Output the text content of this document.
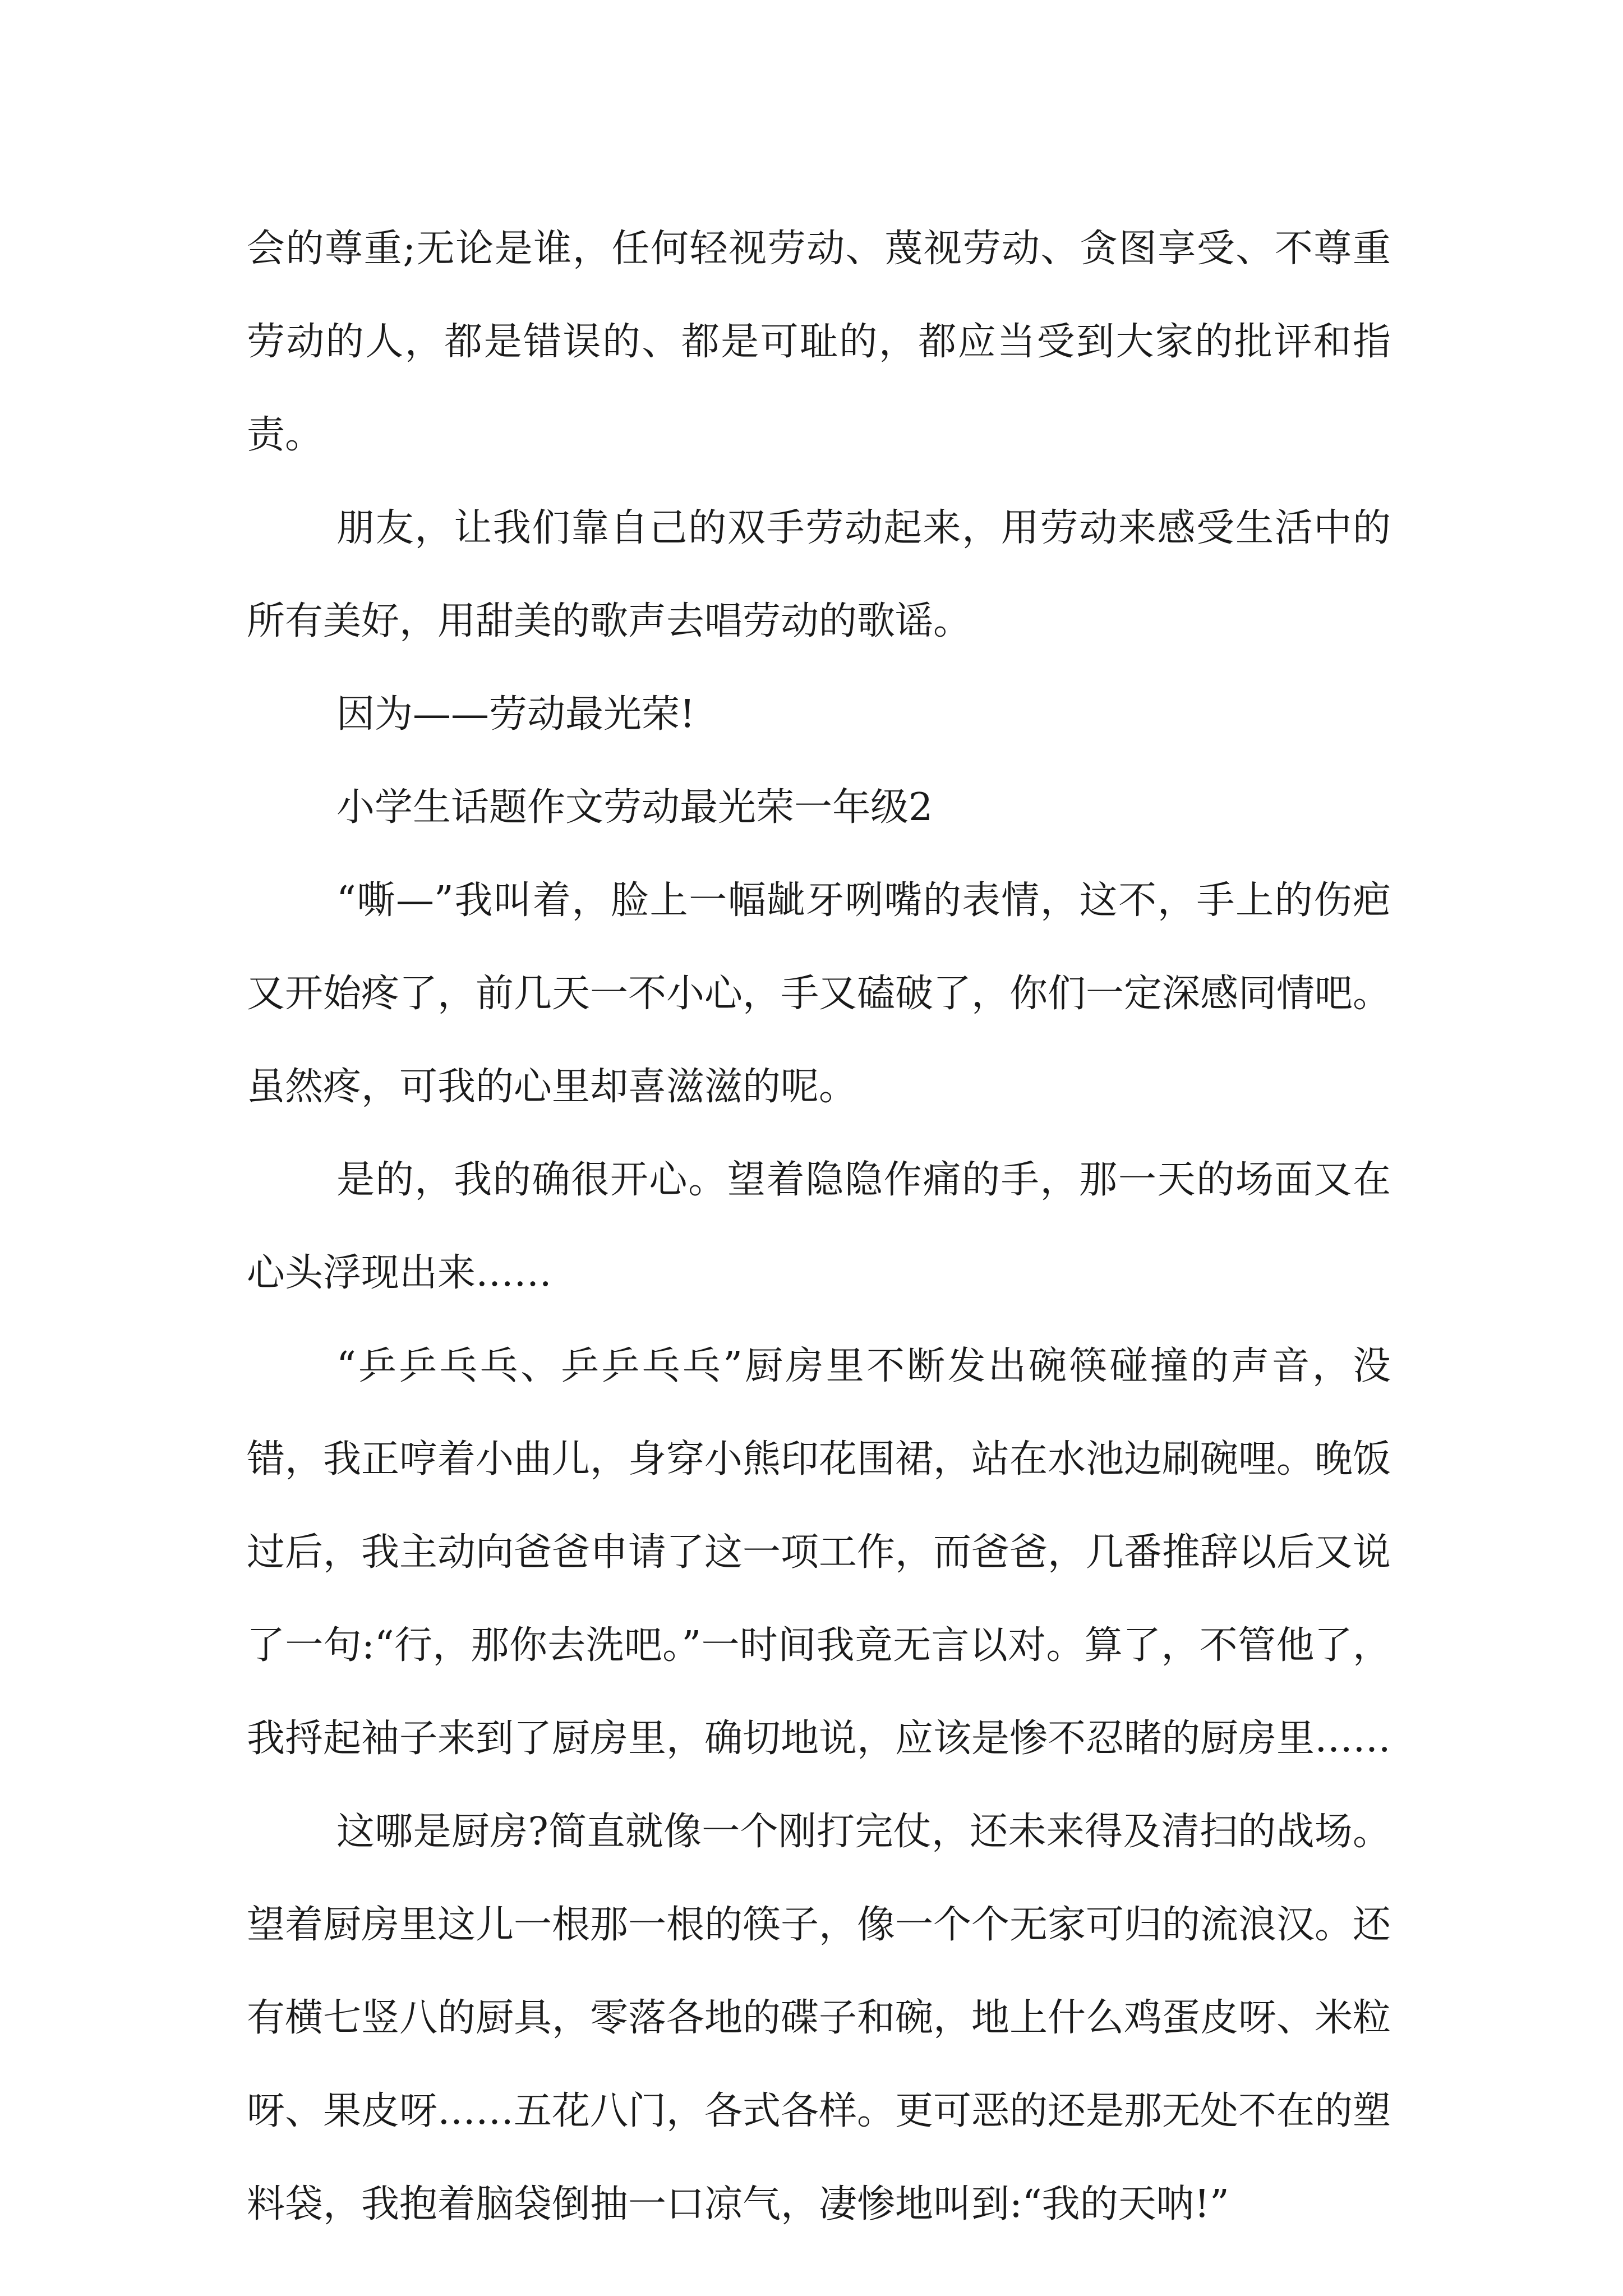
会的尊重;无论是谁，任何轻视劳动、蔑视劳动、贪图享受、不尊重劳动的人，都是错误的、都是可耻的，都应当受到大家的批评和指责。

朋友，让我们靠自己的双手劳动起来，用劳动来感受生活中的所有美好，用甜美的歌声去唱劳动的歌谣。

因为——劳动最光荣!

小学生话题作文劳动最光荣一年级2

“嘶—”我叫着，脸上一幅龇牙咧嘴的表情，这不，手上的伤疤又开始疼了，前几天一不小心，手又磕破了，你们一定深感同情吧。虽然疼，可我的心里却喜滋滋的呢。

是的，我的确很开心。望着隐隐作痛的手，那一天的场面又在心头浮现出来……

“乒乒乓乓、乒乒乓乓”厨房里不断发出碗筷碰撞的声音，没错，我正哼着小曲儿，身穿小熊印花围裙，站在水池边刷碗哩。晚饭过后，我主动向爸爸申请了这一项工作，而爸爸，几番推辞以后又说了一句:“行，那你去洗吧。”一时间我竟无言以对。算了，不管他了，我捋起袖子来到了厨房里，确切地说，应该是惨不忍睹的厨房里……

这哪是厨房?简直就像一个刚打完仗，还未来得及清扫的战场。望着厨房里这儿一根那一根的筷子，像一个个无家可归的流浪汉。还有横七竖八的厨具，零落各地的碟子和碗，地上什么鸡蛋皮呀、米粒呀、果皮呀……五花八门，各式各样。更可恶的还是那无处不在的塑料袋，我抱着脑袋倒抽一口凉气，凄惨地叫到:“我的天呐!”
